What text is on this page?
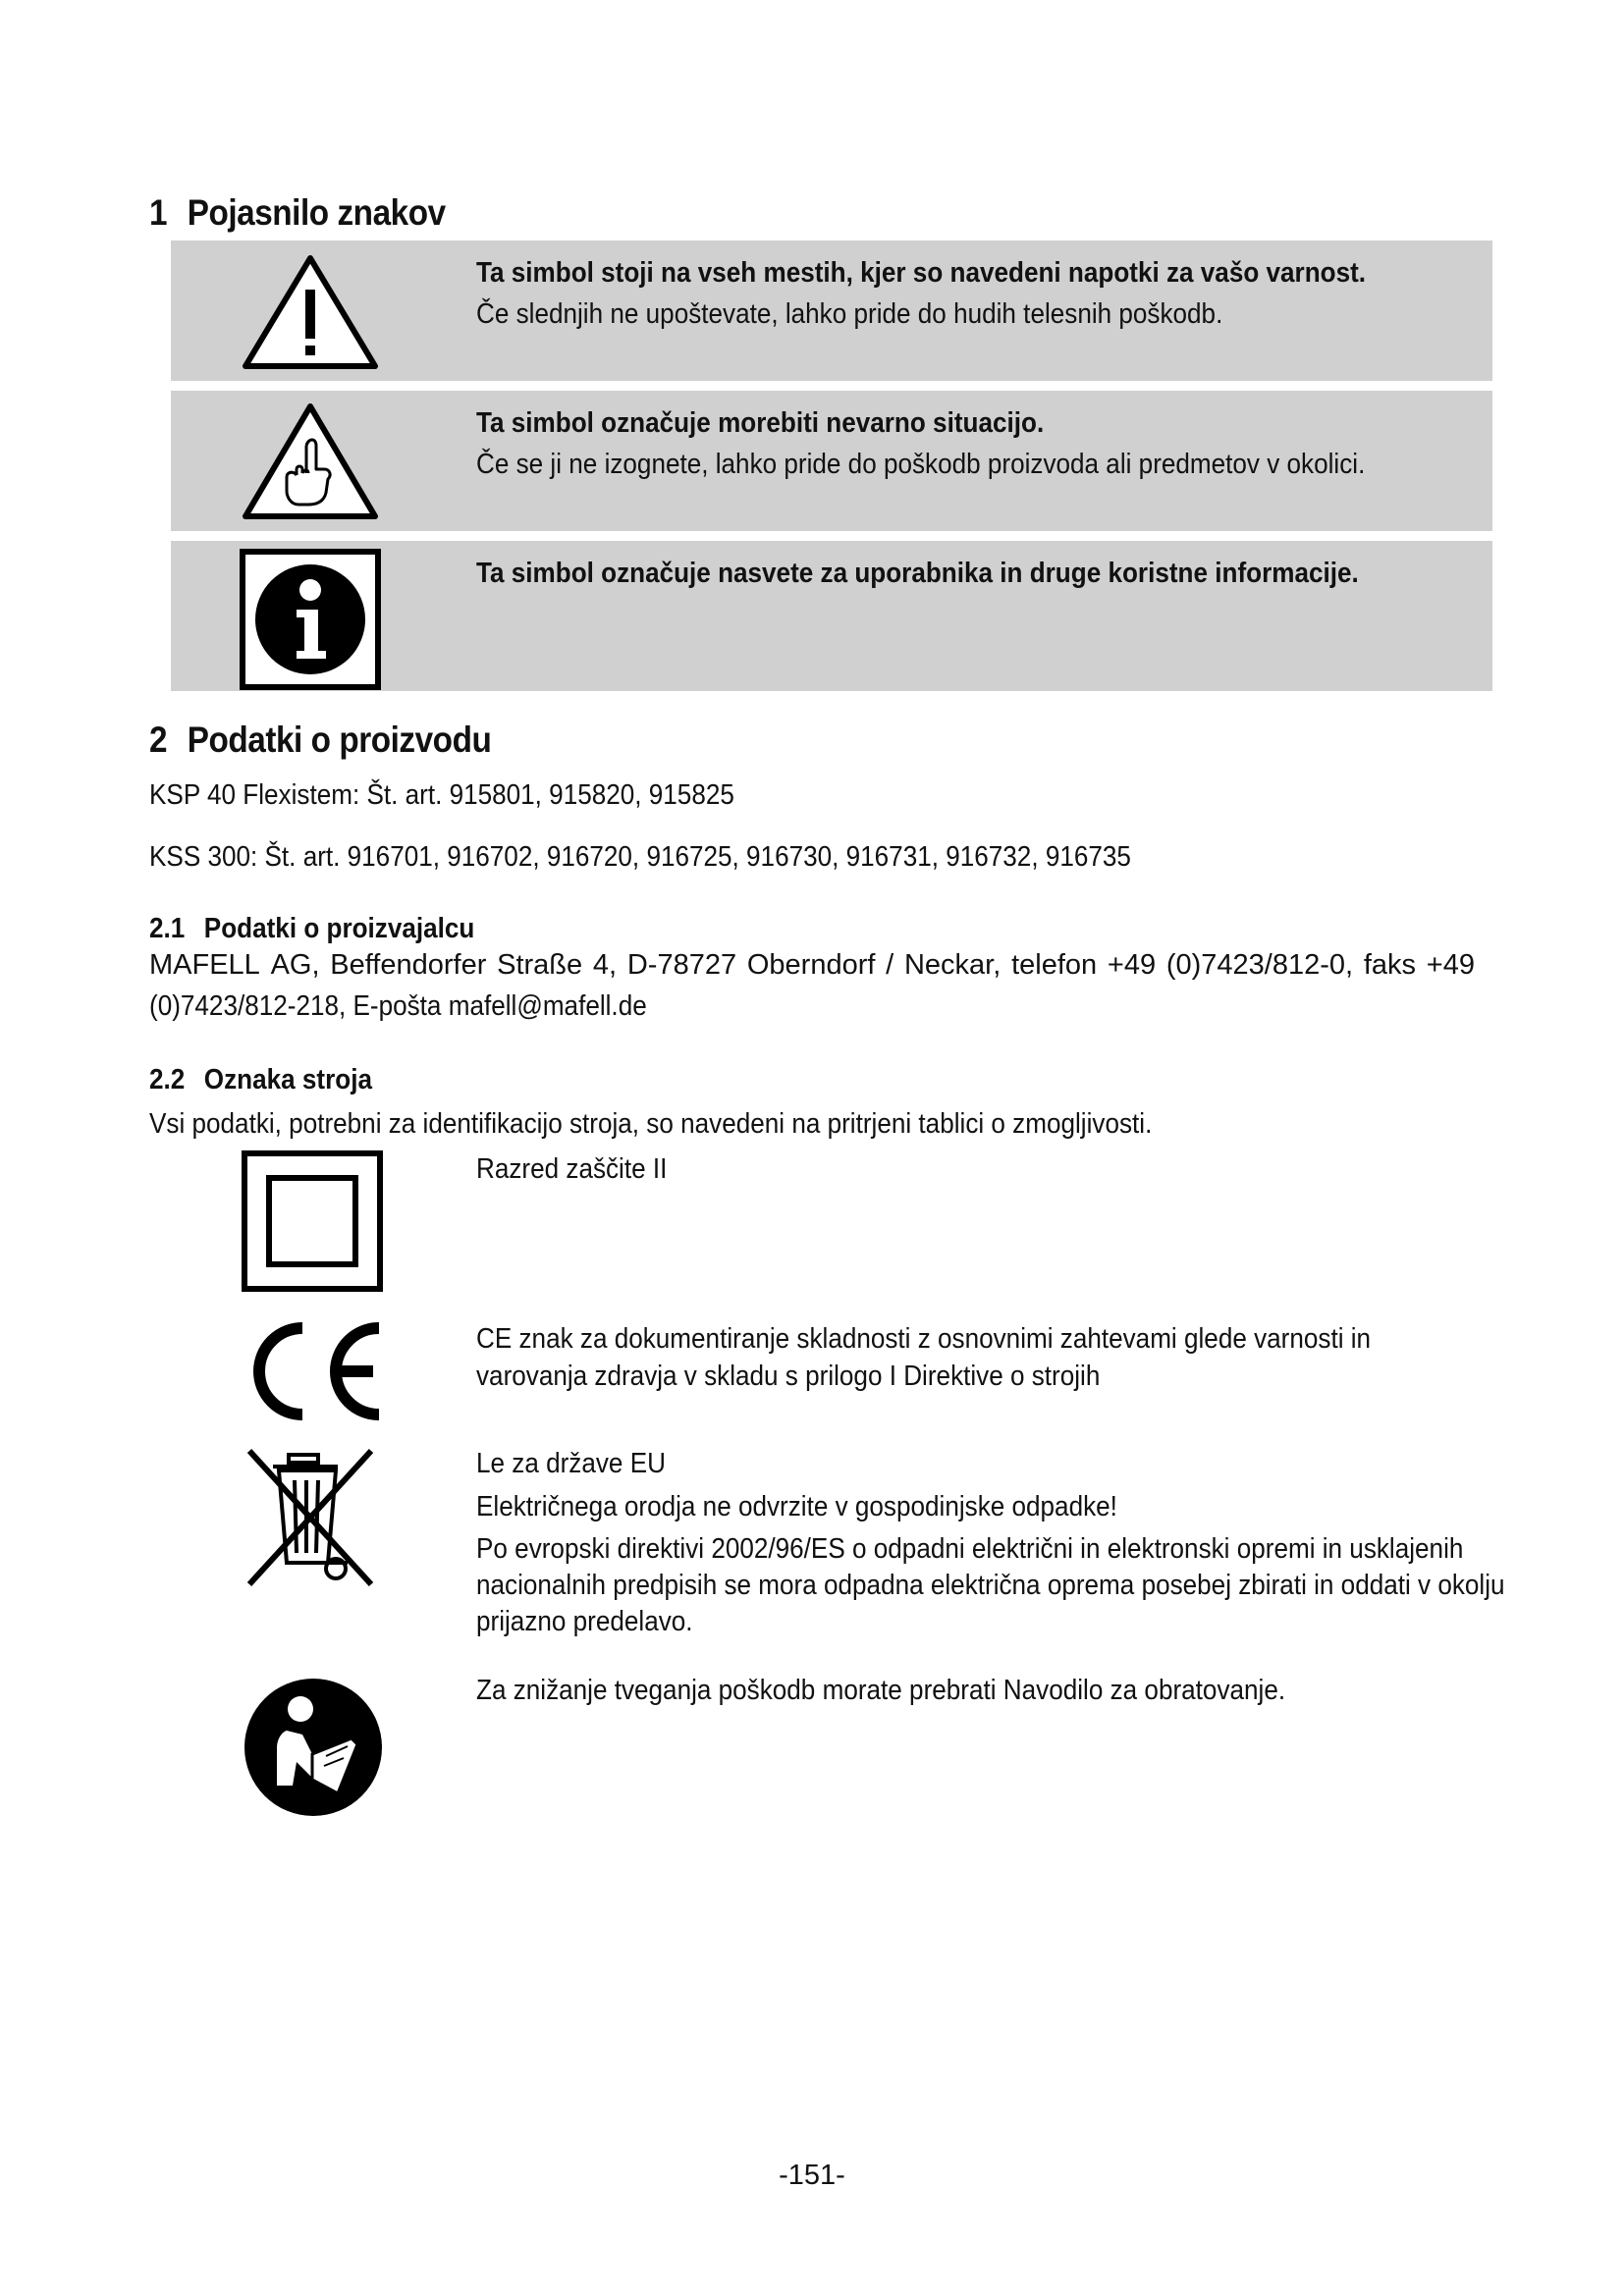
1 Pojasnilo znakov
Ta simbol stoji na vseh mestih, kjer so navedeni napotki za vašo varnost.
Če slednjih ne upoštevate, lahko pride do hudih telesnih poškodb.
Ta simbol označuje morebiti nevarno situacijo.
Če se ji ne izognete, lahko pride do poškodb proizvoda ali predmetov v okolici.
Ta simbol označuje nasvete za uporabnika in druge koristne informacije.
2 Podatki o proizvodu
KSP 40 Flexistem: Št. art. 915801, 915820, 915825
KSS 300: Št. art. 916701, 916702, 916720, 916725, 916730, 916731, 916732, 916735
2.1 Podatki o proizvajalcu
MAFELL AG, Beffendorfer Straße 4, D-78727 Oberndorf / Neckar, telefon +49 (0)7423/812-0, faks +49
(0)7423/812-218, E-pošta mafell@mafell.de
2.2 Oznaka stroja
Vsi podatki, potrebni za identifikacijo stroja, so navedeni na pritrjeni tablici o zmogljivosti.

Razred zaščite II

CE znak za dokumentiranje skladnosti z osnovnimi zahtevami glede varnosti in varovanja zdravja v skladu s prilogo I Direktive o strojih

Le za države EU

Električnega orodja ne odvrzite v gospodinjske odpadke!

Po evropski direktivi 2002/96/ES o odpadni električni in elektronski opremi in usklajenih nacionalnih predpisih se mora odpadna električna oprema posebej zbirati in oddati v okolju prijazno predelavo.

Za znižanje tveganja poškodb morate prebrati Navodilo za obratovanje.

-151-
